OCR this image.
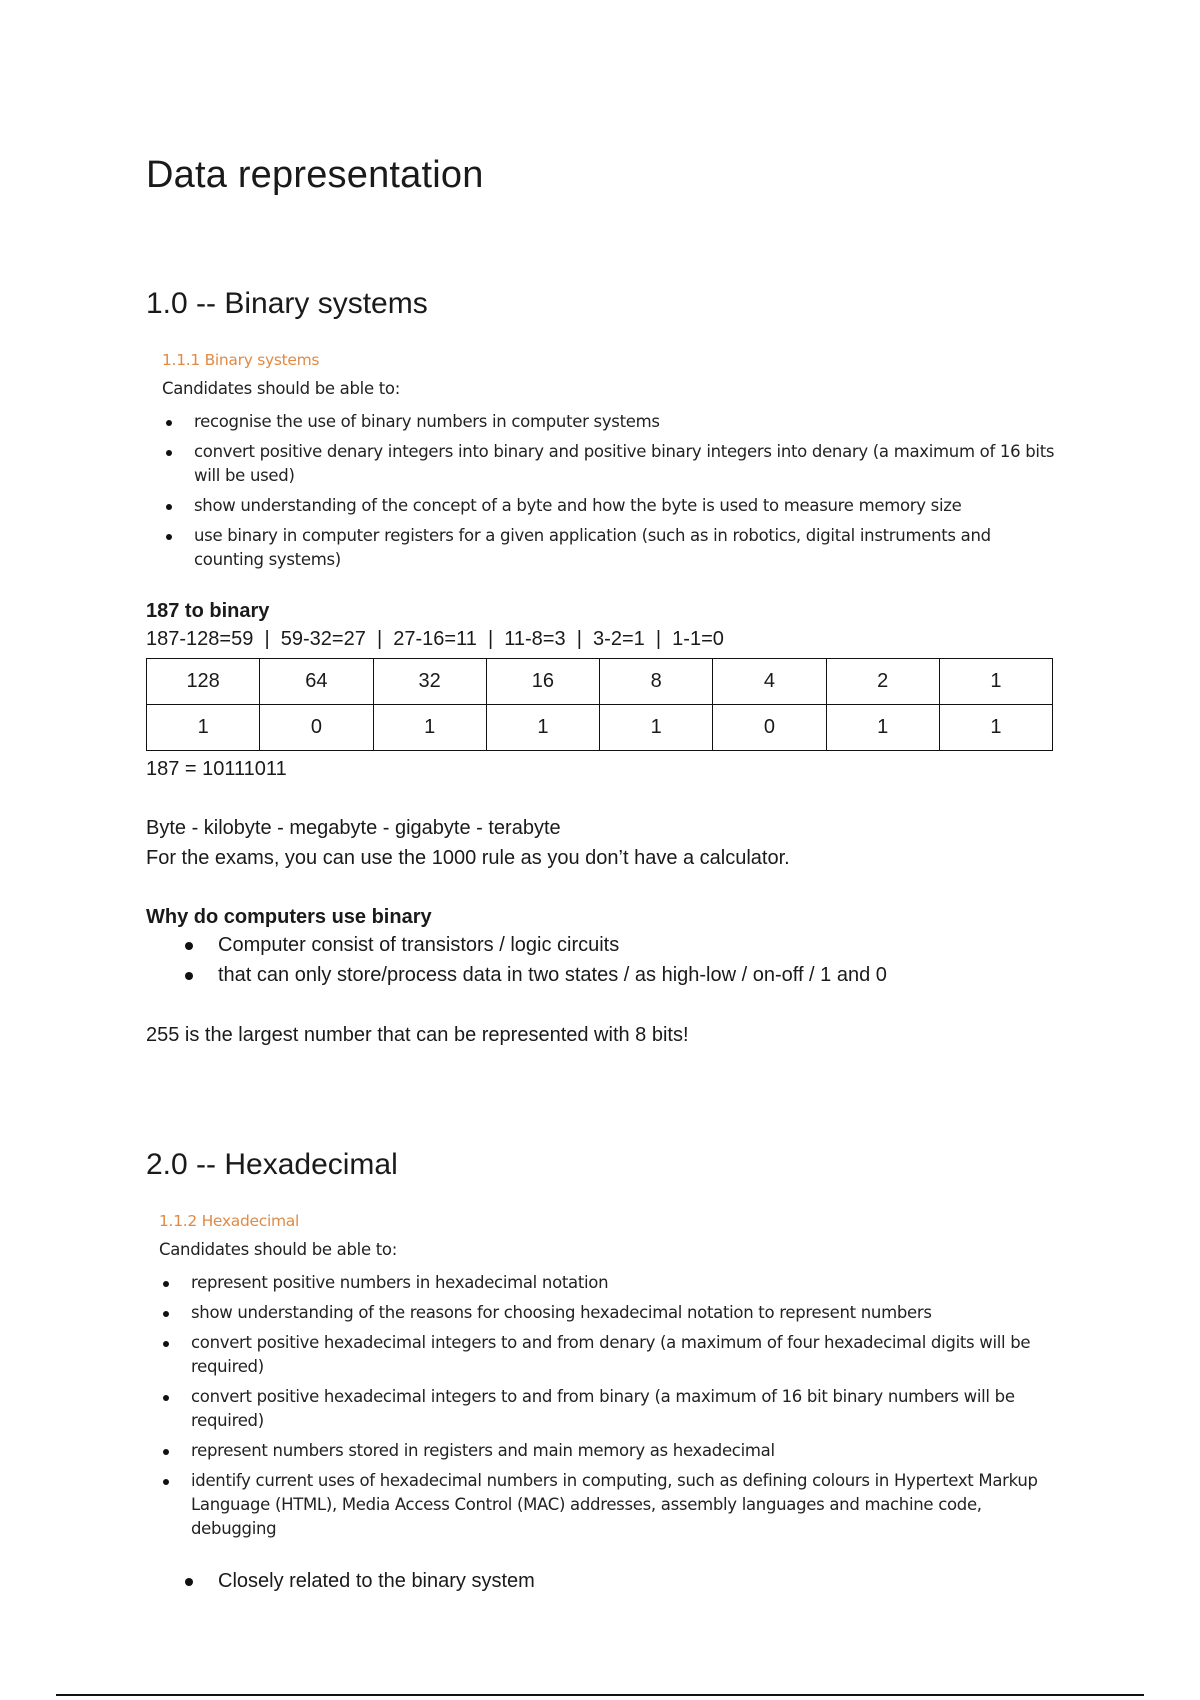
Data representation
1.0 -- Binary systems
1.1.1 Binary systems
Candidates should be able to:
recognise the use of binary numbers in computer systems
convert positive denary integers into binary and positive binary integers into denary (a maximum of 16 bits will be used)
show understanding of the concept of a byte and how the byte is used to measure memory size
use binary in computer registers for a given application (such as in robotics, digital instruments and counting systems)

187 to binary

187-128=59  |  59-32=27  |  27-16=11  |  11-8=3  |  3-2=1  |  1-1=0
128	64	32	16	8	4	2	1
1	0	1	1	1	0	1	1

187 = 10111011

Byte - kilobyte - megabyte - gigabyte - terabyte

For the exams, you can use the 1000 rule as you don’t have a calculator.

Why do computers use binary

Computer consist of transistors / logic circuits
that can only store/process data in two states / as high-low / on-off / 1 and 0

255 is the largest number that can be represented with 8 bits!

2.0 -- Hexadecimal
1.1.2 Hexadecimal
Candidates should be able to:
represent positive numbers in hexadecimal notation
show understanding of the reasons for choosing hexadecimal notation to represent numbers
convert positive hexadecimal integers to and from denary (a maximum of four hexadecimal digits will be required)
convert positive hexadecimal integers to and from binary (a maximum of 16 bit binary numbers will be required)
represent numbers stored in registers and main memory as hexadecimal
identify current uses of hexadecimal numbers in computing, such as defining colours in Hypertext Markup Language (HTML), Media Access Control (MAC) addresses, assembly languages and machine code, debugging
Closely related to the binary system
